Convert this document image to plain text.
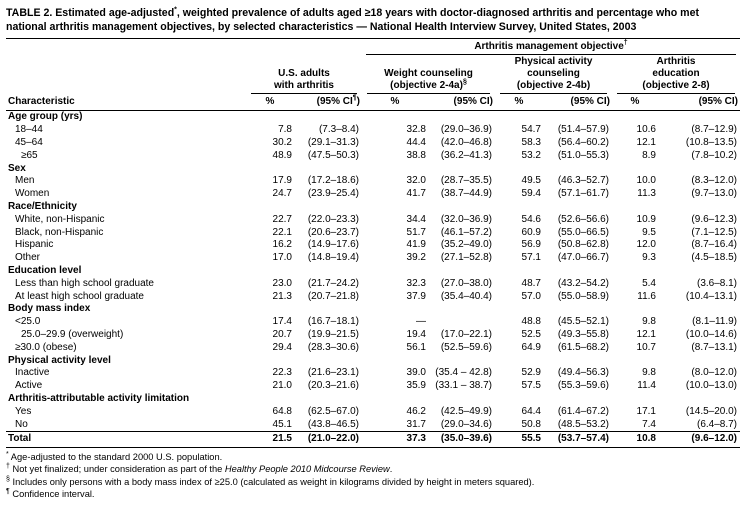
TABLE 2. Estimated age-adjusted*, weighted prevalence of adults aged ≥18 years with doctor-diagnosed arthritis and percentage who met national arthritis management objectives, by selected characteristics — National Health Interview Survey, United States, 2003

			Arthritis management objective†

	U.S. adults
with arthritis		Weight counseling
(objective 2-4a)§		Physical activity
counseling
(objective 2-4b)		Arthritis
education
(objective 2-8)	

Characteristic	%	(95% CI¶)	%	(95% CI)	%	(95% CI)	%	(95% CI)
Age group (yrs)								
18–44	7.8	(7.3–8.4)	32.8	(29.0–36.9)	54.7	(51.4–57.9)	10.6	(8.7–12.9)
45–64	30.2	(29.1–31.3)	44.4	(42.0–46.8)	58.3	(56.4–60.2)	12.1	(10.8–13.5)
≥65	48.9	(47.5–50.3)	38.8	(36.2–41.3)	53.2	(51.0–55.3)	8.9	(7.8–10.2)
Sex								
Men	17.9	(17.2–18.6)	32.0	(28.7–35.5)	49.5	(46.3–52.7)	10.0	(8.3–12.0)
Women	24.7	(23.9–25.4)	41.7	(38.7–44.9)	59.4	(57.1–61.7)	11.3	(9.7–13.0)
Race/Ethnicity								
White, non-Hispanic	22.7	(22.0–23.3)	34.4	(32.0–36.9)	54.6	(52.6–56.6)	10.9	(9.6–12.3)
Black, non-Hispanic	22.1	(20.6–23.7)	51.7	(46.1–57.2)	60.9	(55.0–66.5)	9.5	(7.1–12.5)
Hispanic	16.2	(14.9–17.6)	41.9	(35.2–49.0)	56.9	(50.8–62.8)	12.0	(8.7–16.4)
Other	17.0	(14.8–19.4)	39.2	(27.1–52.8)	57.1	(47.0–66.7)	9.3	(4.5–18.5)
Education level								
Less than high school graduate	23.0	(21.7–24.2)	32.3	(27.0–38.0)	48.7	(43.2–54.2)	5.4	(3.6–8.1)
At least high school graduate	21.3	(20.7–21.8)	37.9	(35.4–40.4)	57.0	(55.0–58.9)	11.6	(10.4–13.1)
Body mass index								
<25.0	17.4	(16.7–18.1)	—		48.8	(45.5–52.1)	9.8	(8.1–11.9)
25.0–29.9 (overweight)	20.7	(19.9–21.5)	19.4	(17.0–22.1)	52.5	(49.3–55.8)	12.1	(10.0–14.6)
≥30.0 (obese)	29.4	(28.3–30.6)	56.1	(52.5–59.6)	64.9	(61.5–68.2)	10.7	(8.7–13.1)
Physical activity level								
Inactive	22.3	(21.6–23.1)	39.0	(35.4 – 42.8)	52.9	(49.4–56.3)	9.8	(8.0–12.0)
Active	21.0	(20.3–21.6)	35.9	(33.1 – 38.7)	57.5	(55.3–59.6)	11.4	(10.0–13.0)
Arthritis-attributable activity limitation								
Yes	64.8	(62.5–67.0)	46.2	(42.5–49.9)	64.4	(61.4–67.2)	17.1	(14.5–20.0)
No	45.1	(43.8–46.5)	31.7	(29.0–34.6)	50.8	(48.5–53.2)	7.4	(6.4–8.7)
Total	21.5	(21.0–22.0)	37.3	(35.0–39.6)	55.5	(53.7–57.4)	10.8	(9.6–12.0)
* Age-adjusted to the standard 2000 U.S. population.
† Not yet finalized; under consideration as part of the Healthy People 2010 Midcourse Review.
§ Includes only persons with a body mass index of ≥25.0 (calculated as weight in kilograms divided by height in meters squared).
¶ Confidence interval.
